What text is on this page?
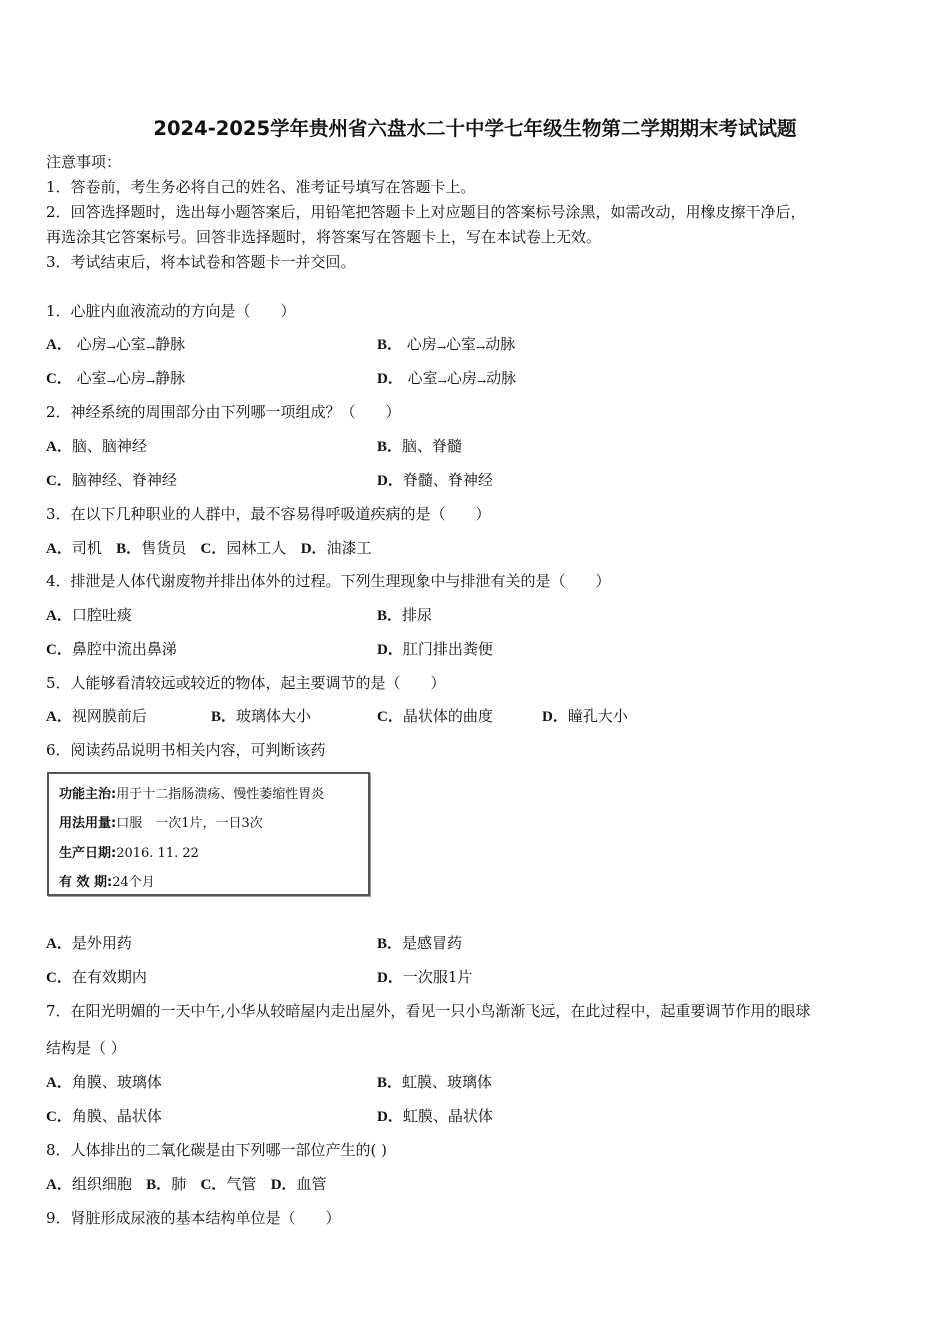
2024-2025学年贵州省六盘水二十中学七年级生物第二学期期末考试试题
注意事项：
1．答卷前，考生务必将自己的姓名、准考证号填写在答题卡上。
2．回答选择题时，选出每小题答案后，用铅笔把答题卡上对应题目的答案标号涂黑，如需改动，用橡皮擦干净后，
再选涂其它答案标号。回答非选择题时，将答案写在答题卡上，写在本试卷上无效。
3．考试结束后，将本试卷和答题卡一并交回。
1．心脏内血液流动的方向是（　　）
A． 心房→心室→静脉	B． 心房→心室→动脉
C． 心室→心房→静脉	D． 心室→心房→动脉
2．神经系统的周围部分由下列哪一项组成？（　　）
A．脑、脑神经	B．脑、脊髓
C．脑神经、脊神经	D．脊髓、脊神经
3．在以下几种职业的人群中，最不容易得呼吸道疾病的是（　　）
A．司机 B．售货员 C．园林工人 D．油漆工
4．排泄是人体代谢废物并排出体外的过程。下列生理现象中与排泄有关的是（　　）
A．口腔吐痰	B．排尿
C．鼻腔中流出鼻涕	D．肛门排出粪便
5．人能够看清较远或较近的物体，起主要调节的是（　　）
A．视网膜前后	B．玻璃体大小	C．晶状体的曲度	D．瞳孔大小
6．阅读药品说明书相关内容，可判断该药
功能主治:用于十二指肠溃疡、慢性萎缩性胃炎
用法用量:口服　一次1片，一日3次
生产日期:2016. 11. 22
有 效 期:24个月
A．是外用药	B．是感冒药
C．在有效期内	D．一次服1片
7．在阳光明媚的一天中午,小华从较暗屋内走出屋外，看见一只小鸟渐渐飞远，在此过程中，起重要调节作用的眼球
结构是（ ）
A．角膜、玻璃体	B．虹膜、玻璃体
C．角膜、晶状体	D．虹膜、晶状体
8．人体排出的二氧化碳是由下列哪一部位产生的( )
A．组织细胞 B．肺 C．气管 D．血管
9．肾脏形成尿液的基本结构单位是（　　）
